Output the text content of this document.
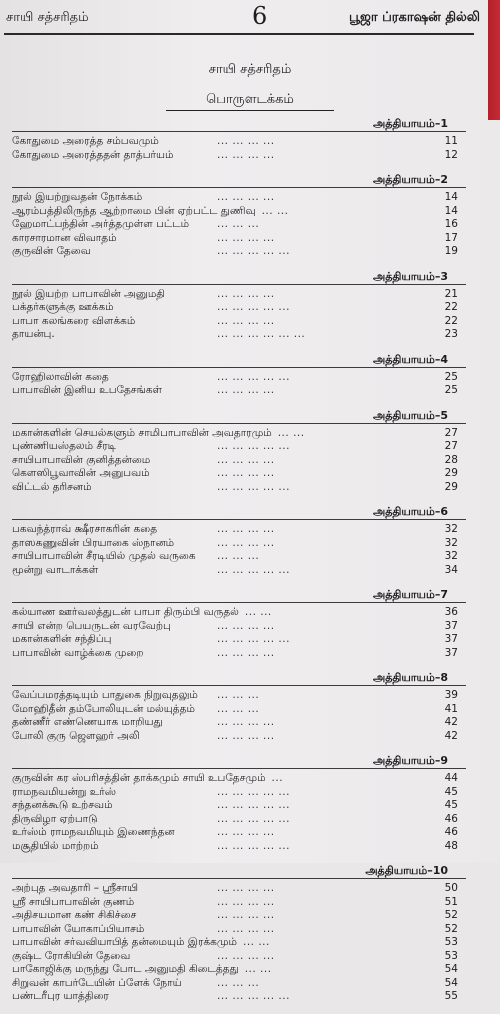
சாயி சத்சரிதம்	6	பூஜா ப்ரகாஷன் தில்லி
சாயி சத்சரிதம்
பொருளடக்கம்
அத்தியாயம்–1
கோதுமை அரைத்த சம்பவமும்	... ... ... ...	11
கோதுமை அரைத்ததன் தாத்பர்யம்	... ... ... ...	12
அத்தியாயம்–2
நூல் இயற்றுவதன் நோக்கம்	... ... ... ...	14
ஆரம்பத்திலிருந்த ஆற்றாமை பின் ஏற்பட்ட துணிவு ... ...	14
ஹேமாட்பந்தின் அர்த்தமுள்ள பட்டம்	... ... ...	16
காரசாரமான விவாதம்	... ... ... ...	17
குருவின் தேவை	... ... ... ... ...	19
அத்தியாயம்–3
நூல் இயற்ற பாபாவின் அனுமதி	... ... ... ...	21
பக்தர்களுக்கு ஊக்கம்	... ... ... ... ...	22
பாபா கலங்கரை விளக்கம்	... ... ... ...	22
தாயன்பு.	... ... ... ... ... ...	23
அத்தியாயம்–4
ரோஹிலாவின் கதை	... ... ... ... ...	25
பாபாவின் இனிய உபதேசங்கள்	... ... ... ...	25
அத்தியாயம்–5
மகான்களின் செயல்களும் சாமிபாபாவின் அவதாரமும் ... ...	27
புண்ணியஸ்தலம் சீரடி	... ... ... ... ...	27
சாயிபாபாவின் குனித்தன்மை	... ... ... ...	28
கௌஸிபூவாவின் அனுபவம்	... ... ... ...	29
விட்டல் தரிசனம்	... ... ... ... ...	29
அத்தியாயம்–6
பகவந்த்ராவ் க்ஷீரசாகரின் கதை	... ... ... ...	32
தாஸகணுவின் பிரயாகை ஸ்நானம்	... ... ... ...	32
சாயிபாபாவின் சீரடியில் முதல் வருகை ... ... ...	32
மூன்று வாடாக்கள்	... ... ... ... ...	34
அத்தியாயம்–7
கல்யாண ஊர்வலத்துடன் பாபா திரும்பி வருதல் ... ...	36
சாயி என்ற பெயருடன் வரவேற்பு	... ... ... ...	37
மகான்களின் சந்திப்பு	... ... ... ... ...	37
பாபாவின் வாழ்க்கை முறை	... ... ... ...	37
அத்தியாயம்–8
வேப்பமரத்தடியும் பாதுகை நிறுவுதலும் ... ... ...	39
மோஹிதீன் தம்போலியுடன் மல்யுத்தம் ... ... ...	41
தண்ணீர் எண்ணெயாக மாறியது	... ... ... ...	42
போலி குரு ஜௌஹர் அலி	... ... ... ...	42
அத்தியாயம்–9
குருவின் கர ஸ்பரிசத்தின் தாக்கமும் சாயி உபதேசமும் ...	44
ராமநவமியன்று உர்ஸ்	... ... ... ... ...	45
சந்தனக்கூடு உற்சவம்	... ... ... ... ...	45
திருவிழா ஏற்பாடு	... ... ... ... ...	46
உர்ஸ்ம் ராமநவமியும் இணைந்தன	... ... ... ...	46
மசூதியில் மாற்றம்	... ... ... ... ...	48
அத்தியாயம்–10
அற்புத அவதாரி – ஸ்ரீசாயி	... ... ... ...	50
ஸ்ரீ சாயிபாபாவின் குணம்	... ... ... ...	51
அதிசயமான கண் சிகிச்சை	... ... ... ...	52
பாபாவின் யோகாப்பியாசம்	... ... ... ...	52
பாபாவின் சர்வவியாபித் தன்மையும் இரக்கமும் ... ...	53
குஷ்ட ரோகியின் தேவை	... ... ... ...	53
பாகோஜிக்கு மருந்து போட அனுமதி கிடைத்தது ... ...	54
சிறுவன் காபர்டேயின் ப்ளேக் நோய்	... ... ...	54
பண்டரீபுர யாத்திரை	... ... ... ... ...	55
